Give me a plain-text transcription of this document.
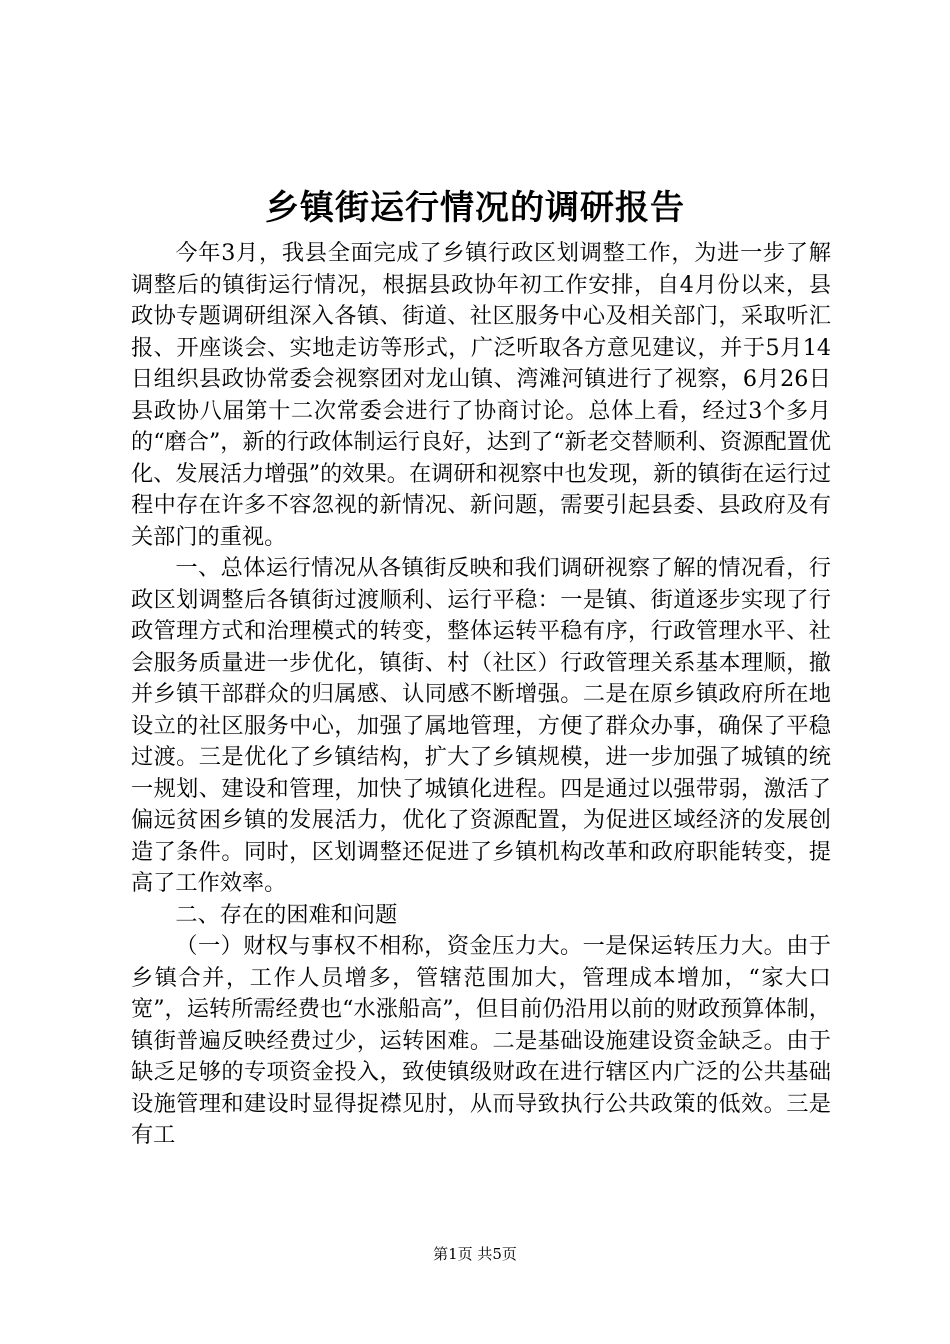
乡镇街运行情况的调研报告

今年3月，我县全面完成了乡镇行政区划调整工作，为进一步了解调整后的镇街运行情况，根据县政协年初工作安排，自4月份以来，县政协专题调研组深入各镇、街道、社区服务中心及相关部门，采取听汇报、开座谈会、实地走访等形式，广泛听取各方意见建议，并于5月14日组织县政协常委会视察团对龙山镇、湾滩河镇进行了视察，6月26日县政协八届第十二次常委会进行了协商讨论。总体上看，经过3个多月的“磨合”，新的行政体制运行良好，达到了“新老交替顺利、资源配置优化、发展活力增强”的效果。在调研和视察中也发现，新的镇街在运行过程中存在许多不容忽视的新情况、新问题，需要引起县委、县政府及有关部门的重视。

一、总体运行情况从各镇街反映和我们调研视察了解的情况看，行政区划调整后各镇街过渡顺利、运行平稳：一是镇、街道逐步实现了行政管理方式和治理模式的转变，整体运转平稳有序，行政管理水平、社会服务质量进一步优化，镇街、村（社区）行政管理关系基本理顺，撤并乡镇干部群众的归属感、认同感不断增强。二是在原乡镇政府所在地设立的社区服务中心，加强了属地管理，方便了群众办事，确保了平稳过渡。三是优化了乡镇结构，扩大了乡镇规模，进一步加强了城镇的统一规划、建设和管理，加快了城镇化进程。四是通过以强带弱，激活了偏远贫困乡镇的发展活力，优化了资源配置，为促进区域经济的发展创造了条件。同时，区划调整还促进了乡镇机构改革和政府职能转变，提高了工作效率。

二、存在的困难和问题

（一）财权与事权不相称，资金压力大。一是保运转压力大。由于乡镇合并，工作人员增多，管辖范围加大，管理成本增加，“家大口宽”，运转所需经费也“水涨船高”，但目前仍沿用以前的财政预算体制，镇街普遍反映经费过少，运转困难。二是基础设施建设资金缺乏。由于缺乏足够的专项资金投入，致使镇级财政在进行辖区内广泛的公共基础设施管理和建设时显得捉襟见肘，从而导致执行公共政策的低效。三是有工

第1页 共5页
